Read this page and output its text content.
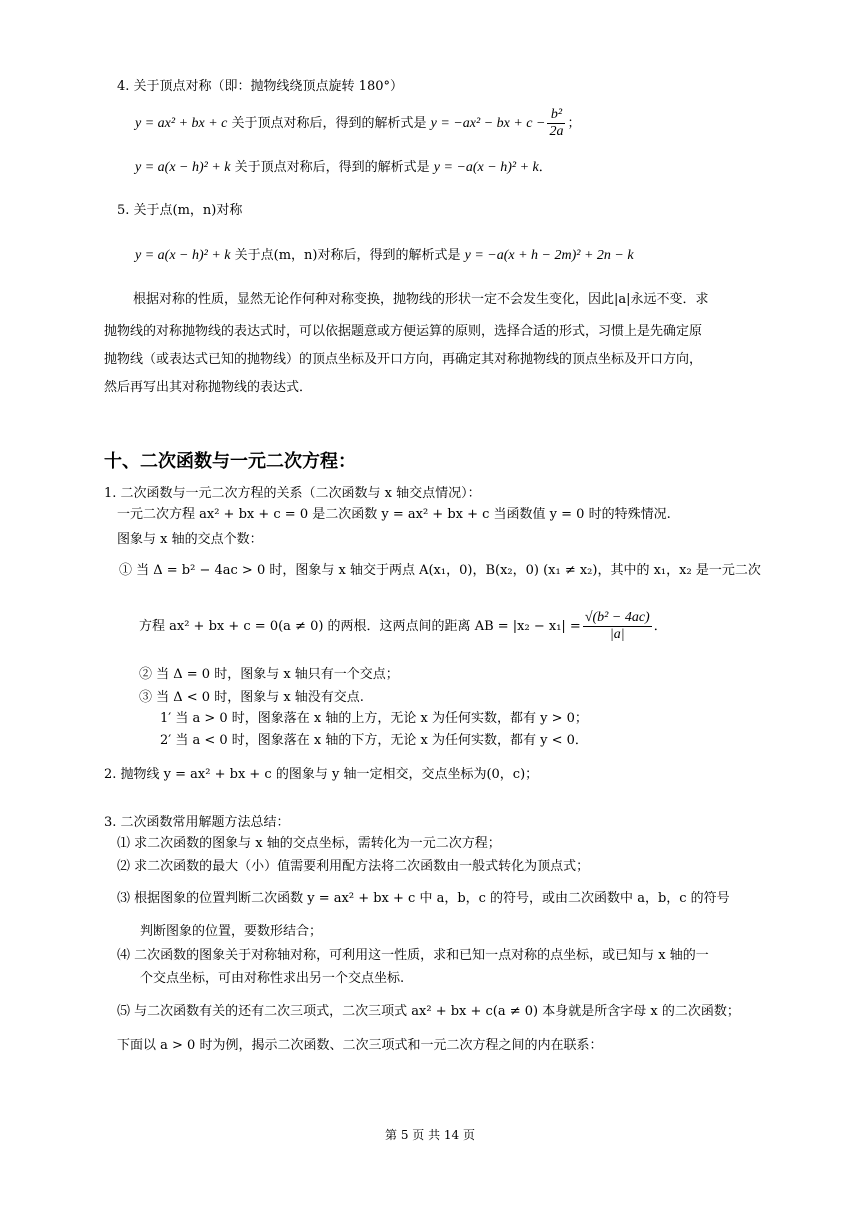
4. 关于顶点对称（即：抛物线绕顶点旋转 180°）
y = ax² + bx + c 关于顶点对称后，得到的解析式是 y = −ax² − bx + $c - \frac{\text{b²}}{2a}$ ；
y = a(x − h)² + k 关于顶点对称后，得到的解析式是 y = −a(x − h)² + k．
5. 关于点(m，n)对称
y = a(x − h)² + k 关于点(m，n)对称后，得到的解析式是 y = −a(x + h − 2m)² + 2n − k
根据对称的性质，显然无论作何种对称变换，抛物线的形状一定不会发生变化，因此|a|永远不变．求
抛物线的对称抛物线的表达式时，可以依据题意或方便运算的原则，选择合适的形式，习惯上是先确定原
抛物线（或表达式已知的抛物线）的顶点坐标及开口方向，再确定其对称抛物线的顶点坐标及开口方向，
然后再写出其对称抛物线的表达式．
十、二次函数与一元二次方程：
1. 二次函数与一元二次方程的关系（二次函数与 x 轴交点情况）：
一元二次方程 ax² + bx + c = 0 是二次函数 y = ax² + bx + c 当函数值 y = 0 时的特殊情况.
图象与 x 轴的交点个数：
① 当 Δ = b² − 4ac > 0 时，图象与 x 轴交于两点 A(x₁，0)，B(x₂，0) (x₁ ≠ x₂)，其中的 x₁，x₂ 是一元二次
方程 ax² + bx + c = 0(a ≠ 0) 的两根．这两点间的距离 AB = $|x_2 - x_1| = \frac{\text{√(b² − 4ac)}}{|a|}$ ．
② 当 Δ = 0 时，图象与 x 轴只有一个交点；
③ 当 Δ < 0 时，图象与 x 轴没有交点.
1′ 当 a > 0 时，图象落在 x 轴的上方，无论 x 为任何实数，都有 y > 0；
2′ 当 a < 0 时，图象落在 x 轴的下方，无论 x 为任何实数，都有 y < 0．
2. 抛物线 y = ax² + bx + c 的图象与 y 轴一定相交，交点坐标为(0，c)；
3. 二次函数常用解题方法总结：
⑴ 求二次函数的图象与 x 轴的交点坐标，需转化为一元二次方程；
⑵ 求二次函数的最大（小）值需要利用配方法将二次函数由一般式转化为顶点式；
⑶ 根据图象的位置判断二次函数 y = ax² + bx + c 中 a，b，c 的符号，或由二次函数中 a，b，c 的符号
判断图象的位置，要数形结合；
⑷ 二次函数的图象关于对称轴对称，可利用这一性质，求和已知一点对称的点坐标，或已知与 x 轴的一
个交点坐标，可由对称性求出另一个交点坐标.
⑸ 与二次函数有关的还有二次三项式，二次三项式 ax² + bx + c(a ≠ 0) 本身就是所含字母 x 的二次函数；
下面以 a > 0 时为例，揭示二次函数、二次三项式和一元二次方程之间的内在联系：
第 5 页 共 14 页
